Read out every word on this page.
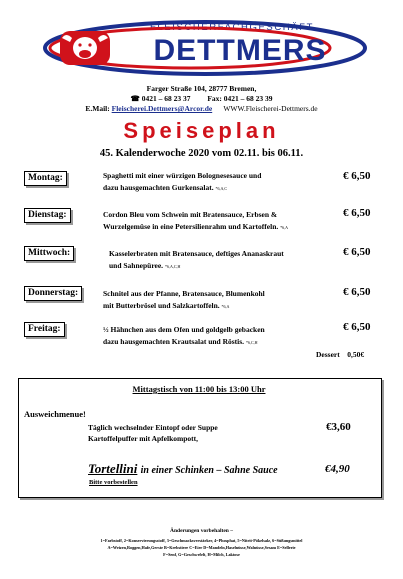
FLEISCHERFACHGESCHÄFT
DETTMERS
Farger Straße 104, 28777 Bremen,
☎ 0421 – 68 23 37 Fax: 0421 – 68 23 39
E.Mail: Fleischerei.Dettmers@Arcor.de WWW.Fleischerei-Dettmers.de
Speiseplan
45. Kalenderwoche 2020 vom 02.11. bis 06.11.
Montag:	Spaghetti mit einer würzigen Bolognesesauce und
dazu hausgemachten Gurkensalat. *6,A,C
€ 6,50
Dienstag:	Cordon Bleu vom Schwein mit Bratensauce, Erbsen &
Wurzelgemüse in eine Petersilienrahm und Kartoffeln. *6,A
€ 6,50
Mittwoch:	Kasselerbraten mit Bratensauce, deftiges Ananaskraut
und Sahnepüree. *6,A,C,H
€ 6,50
Donnerstag:	Schnitel aus der Pfanne, Bratensauce, Blumenkohl
mit Butterbrösel und Salzkartoffeln. *6,A
€ 6,50
Freitag:	½ Hähnchen aus dem Ofen und goldgelb gebacken
dazu hausgemachten Krautsalat und Röstis. *6,C,H
€ 6,50
Dessert 0,50€
Mittagstisch von 11:00 bis 13:00 Uhr
Ausweichmenue!
Täglich wechselnder Eintopf oder Suppe
Kartoffelpuffer mit Apfelkompott,
€3,60
Tortellini in einer Schinken – Sahne Sauce	€4,90
Bitte vorbestellen
Änderungen vorbehalten –
1=Farbstoff, 2=Konservierungsstoff, 3=Geschmacksverstärker, 4=Phosphat, 5=Nitrit-Pökelsalz, 6=Süßungsmittel
A=Weizen,Roggen,Hafe,Gerste B=Krebstiere C=Eier D=Mandeln,Haselnüsse,Walnüsse,Sesam E=Sellerie
F=Senf, G=Geschwefelt, H=Milch, Laktose
